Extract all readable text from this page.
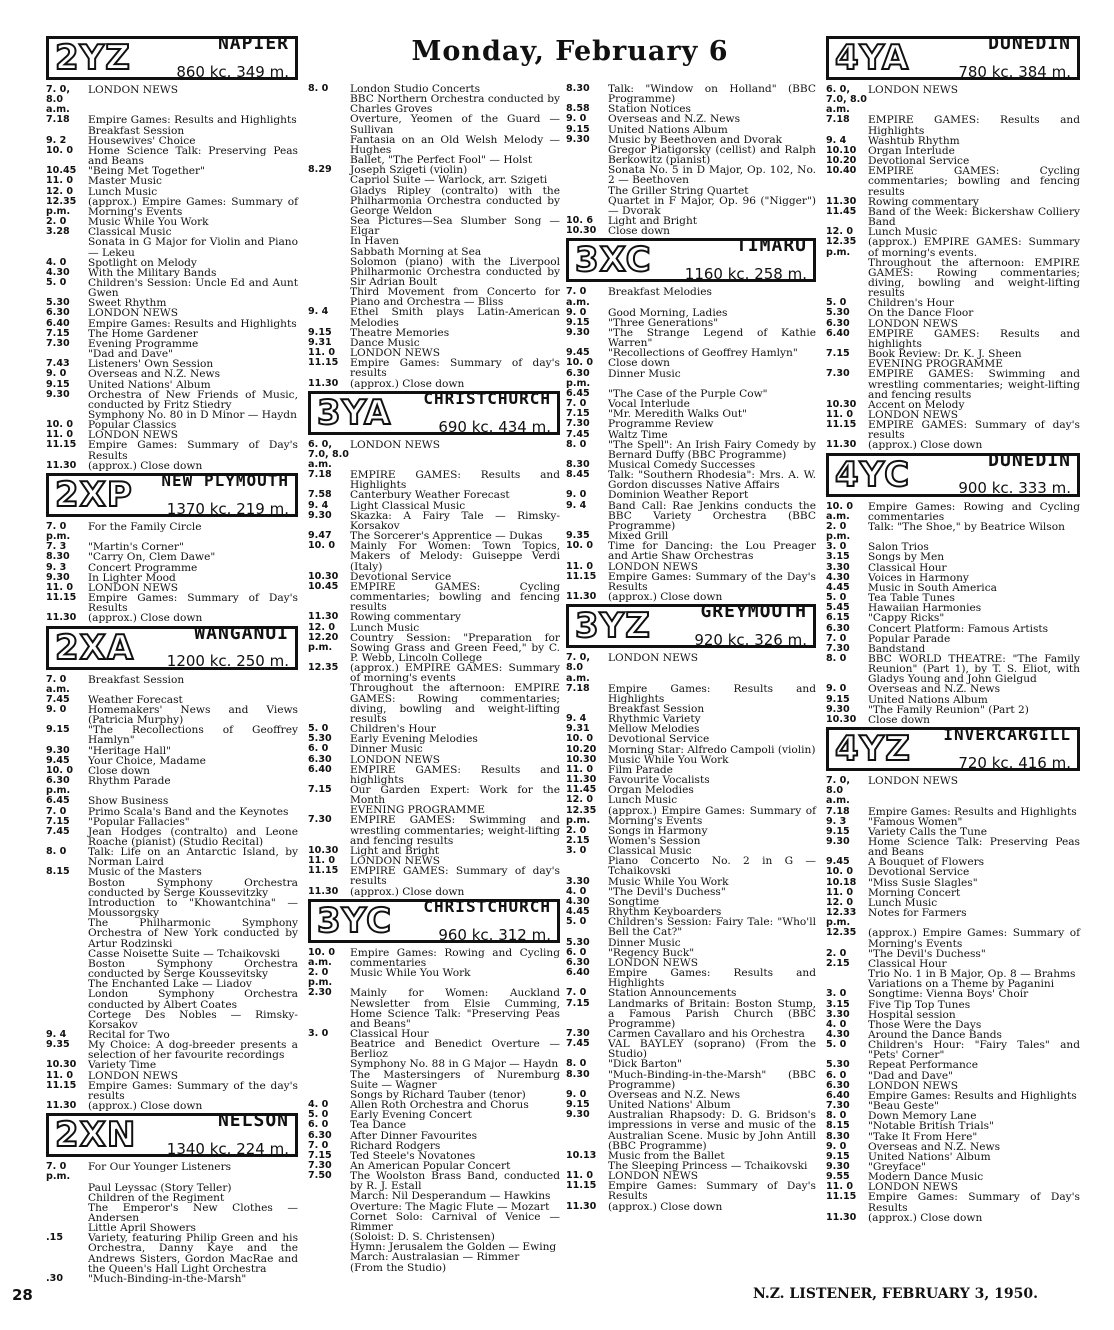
Monday, February 6
2YZ	NAPIER
860 kc. 349 m.
7. 0, 8.0 a.m.
LONDON NEWS
7.18	Empire Games: Results and Highlights
Breakfast Session
9. 2	Housewives' Choice
10. 0	Home Science Talk: Preserving Peas and Beans
10.45	"Being Met Together"
11. 0	Master Music
12. 0	Lunch Music
12.35 p.m.
(approx.) Empire Games: Summary of Morning's Events
2. 0	Music While You Work
3.28	Classical Music
Sonata in G Major for Violin and Piano — Lekeu
4. 0	Spotlight on Melody
4.30	With the Military Bands
5. 0	Children's Session: Uncle Ed and Aunt Gwen
5.30	Sweet Rhythm
6.30	LONDON NEWS
6.40	Empire Games: Results and Highlights
7.15	The Home Gardener
7.30	Evening Programme
"Dad and Dave"
7.43	Listeners' Own Session
9. 0	Overseas and N.Z. News
9.15	United Nations' Album
9.30	Orchestra of New Friends of Music, conducted by Fritz Stiedry
Symphony No. 80 in D Minor — Haydn
10. 0	Popular Classics
11. 0	LONDON NEWS
11.15	Empire Games: Summary of Day's Results
11.30	(approx.) Close down
2XP NEW PLYMOUTH
1370 kc. 219 m.
7. 0 p.m.
For the Family Circle
7. 3	"Martin's Corner"
8.30	"Carry On, Clem Dawe"
9. 3	Concert Programme
9.30	In Lighter Mood
11. 0	LONDON NEWS
11.15	Empire Games: Summary of Day's Results
11.30	(approx.) Close down
2XA	WANGANUI
1200 kc. 250 m.
7. 0 a.m.
Breakfast Session
7.45	Weather Forecast
9. 0	Homemakers' News and Views (Patricia Murphy)
9.15	"The Recollections of Geoffrey Hamlyn"
9.30	"Heritage Hall"
9.45	Your Choice, Madame
10. 0	Close down
6.30 p.m.
Rhythm Parade
6.45	Show Business
7. 0	Primo Scala's Band and the Keynotes
7.15	"Popular Fallacies"
7.45	Jean Hodges (contralto) and Leone Roache (pianist) (Studio Recital)
8. 0	Talk: Life on an Antarctic Island, by Norman Laird
8.15	Music of the Masters
Boston Symphony Orchestra conducted by Serge Koussevitzky
Introduction to "Khowantchina" — Moussorgsky
The Philharmonic Symphony Orchestra of New York conducted by Artur Rodzinski
Casse Noisette Suite — Tchaikovski
Boston Symphony Orchestra conducted by Serge Koussevitsky
The Enchanted Lake — Liadov
London Symphony Orchestra conducted by Albert Coates
Cortege Des Nobles — Rimsky-Korsakov
9. 4	Recital for Two
9.35	My Choice: A dog-breeder presents a selection of her favourite recordings
10.30	Variety Time
11. 0	LONDON NEWS
11.15	Empire Games: Summary of the day's results
11.30	(approx.) Close down
2XN	NELSON
1340 kc. 224 m.
7. 0 p.m.
For Our Younger Listeners
Paul Leyssac (Story Teller)
Children of the Regiment
The Emperor's New Clothes — Andersen
Little April Showers
.15	Variety, featuring Philip Green and his Orchestra, Danny Kaye and the Andrews Sisters, Gordon MacRae and the Queen's Hall Light Orchestra
.30	"Much-Binding-in-the-Marsh"
8. 0	London Studio Concerts
BBC Northern Orchestra conducted by Charles Groves
Overture, Yeomen of the Guard — Sullivan
Fantasia on an Old Welsh Melody — Hughes
Ballet, "The Perfect Fool" — Holst
8.29	Joseph Szigeti (violin)
Capriol Suite — Warlock, arr. Szigeti
Gladys Ripley (contralto) with the Philharmonia Orchestra conducted by George Weldon
Sea Pictures—Sea Slumber Song — Elgar
In Haven
Sabbath Morning at Sea
Solomon (piano) with the Liverpool Philharmonic Orchestra conducted by Sir Adrian Boult
Third Movement from Concerto for Piano and Orchestra — Bliss
9. 4	Ethel Smith plays Latin-American Melodies
9.15	Theatre Memories
9.31	Dance Music
11. 0	LONDON NEWS
11.15	Empire Games: Summary of day's results
11.30	(approx.) Close down
3YA CHRISTCHURCH
690 kc. 434 m.
6. 0, 7.0, 8.0 a.m.
LONDON NEWS
7.18	EMPIRE GAMES: Results and Highlights
7.58	Canterbury Weather Forecast
9. 4	Light Classical Music
9.30	Skazka: A Fairy Tale — Rimsky-Korsakov
9.47	The Sorcerer's Apprentice — Dukas
10. 0	Mainly For Women: Town Topics, Makers of Melody: Guiseppe Verdi (Italy)
10.30	Devotional Service
10.45	EMPIRE GAMES: Cycling commentaries; bowling and fencing results
11.30	Rowing commentary
12. 0	Lunch Music
12.20 p.m.
Country Session: "Preparation for Sowing Grass and Green Feed," by C. P. Webb, Lincoln College
12.35	(approx.) EMPIRE GAMES: Summary of morning's events
Throughout the afternoon: EMPIRE GAMES: Rowing commentaries; diving, bowling and weight-lifting results
5. 0	Children's Hour
5.30	Early Evening Melodies
6. 0	Dinner Music
6.30	LONDON NEWS
6.40	EMPIRE GAMES: Results and highlights
7.15	Our Garden Expert: Work for the Month
EVENING PROGRAMME
7.30	EMPIRE GAMES: Swimming and wrestling commentaries; weight-lifting and fencing results
10.30	Light and Bright
11. 0	LONDON NEWS
11.15	EMPIRE GAMES: Summary of day's results
11.30	(approx.) Close down
3YC CHRISTCHURCH
960 kc. 312 m.
10. 0 a.m.
Empire Games: Rowing and Cycling commentaries
2. 0 p.m.
Music While You Work
2.30	Mainly for Women: Auckland Newsletter from Elsie Cumming, Home Science Talk: "Preserving Peas and Beans"
3. 0	Classical Hour
Beatrice and Benedict Overture — Berlioz
Symphony No. 88 in G Major — Haydn
The Mastersingers of Nuremburg Suite — Wagner
Songs by Richard Tauber (tenor)
4. 0	Allen Roth Orchestra and Chorus
5. 0	Early Evening Concert
6. 0	Tea Dance
6.30	After Dinner Favourites
7. 0	Richard Rodgers
7.15	Ted Steele's Novatones
7.30	An American Popular Concert
7.50	The Woolston Brass Band, conducted by R. J. Estall
March: Nil Desperandum — Hawkins
Overture: The Magic Flute — Mozart
Cornet Solo: Carnival of Venice — Rimmer
(Soloist: D. S. Christensen)
Hymn: Jerusalem the Golden — Ewing
March: Australasian — Rimmer
(From the Studio)
8.30	Talk: "Window on Holland" (BBC Programme)
8.58	Station Notices
9. 0	Overseas and N.Z. News
9.15	United Nations Album
9.30	Music by Beethoven and Dvorak
Gregor Piatigorsky (cellist) and Ralph Berkowitz (pianist)
Sonata No. 5 in D Major, Op. 102, No. 2 — Beethoven
The Griller String Quartet
Quartet in F Major, Op. 96 ("Nigger") — Dvorak
10. 6	Light and Bright
10.30	Close down
3XC	TIMARU
1160 kc. 258 m.
7. 0 a.m.
Breakfast Melodies
9. 0	Good Morning, Ladies
9.15	"Three Generations"
9.30	"The Strange Legend of Kathie Warren"
9.45	"Recollections of Geoffrey Hamlyn"
10. 0	Close down
6.30 p.m.
Dinner Music
6.45	"The Case of the Purple Cow"
7. 0	Vocal Interlude
7.15	"Mr. Meredith Walks Out"
7.30	Programme Review
7.45	Waltz Time
8. 0	"The Spell": An Irish Fairy Comedy by Bernard Duffy (BBC Programme)
8.30	Musical Comedy Successes
8.45	Talk: "Southern Rhodesia": Mrs. A. W. Gordon discusses Native Affairs
9. 0	Dominion Weather Report
9. 4	Band Call: Rae Jenkins conducts the BBC Variety Orchestra (BBC Programme)
9.35	Mixed Grill
10. 0	Time for Dancing: the Lou Preager and Artie Shaw Orchestras
11. 0	LONDON NEWS
11.15	Empire Games: Summary of the Day's Results
11.30	(approx.) Close down
3YZ	GREYMOUTH
920 kc. 326 m.
7. 0, 8.0 a.m.
LONDON NEWS
7.18	Empire Games: Results and Highlights
Breakfast Session
9. 4	Rhythmic Variety
9.31	Mellow Melodies
10. 0	Devotional Service
10.20	Morning Star: Alfredo Campoli (violin)
10.30	Music While You Work
11. 0	Film Parade
11.30	Favourite Vocalists
11.45	Organ Melodies
12. 0	Lunch Music
12.35 p.m.
(approx.) Empire Games: Summary of Morning's Events
2. 0	Songs in Harmony
2.15	Women's Session
3. 0	Classical Music
Piano Concerto No. 2 in G — Tchaikovski
3.30	Music While You Work
4. 0	"The Devil's Duchess"
4.30	Songtime
4.45	Rhythm Keyboarders
5. 0	Children's Session: Fairy Tale: "Who'll Bell the Cat?"
5.30	Dinner Music
6. 0	"Regency Buck"
6.30	LONDON NEWS
6.40	Empire Games: Results and Highlights
7. 0	Station Announcements
7.15	Landmarks of Britain: Boston Stump, a Famous Parish Church (BBC Programme)
7.30	Carmen Cavallaro and his Orchestra
7.45	VAL BAYLEY (soprano) (From the Studio)
8. 0	"Dick Barton"
8.30	"Much-Binding-in-the-Marsh" (BBC Programme)
9. 0	Overseas and N.Z. News
9.15	United Nations' Album
9.30	Australian Rhapsody: D. G. Bridson's impressions in verse and music of the Australian Scene. Music by John Antill (BBC Programme)
10.13	Music from the Ballet
The Sleeping Princess — Tchaikovski
11. 0	LONDON NEWS
11.15	Empire Games: Summary of Day's Results
11.30	(approx.) Close down
4YA	DUNEDIN
780 kc. 384 m.
6. 0, 7.0, 8.0 a.m.
LONDON NEWS
7.18	EMPIRE GAMES: Results and Highlights
9. 4	Washtub Rhythm
10.10	Organ Interlude
10.20	Devotional Service
10.40	EMPIRE GAMES: Cycling commentaries; bowling and fencing results
11.30	Rowing commentary
11.45	Band of the Week: Bickershaw Colliery Band
12. 0	Lunch Music
12.35 p.m.
(approx.) EMPIRE GAMES: Summary of morning's events.
Throughout the afternoon: EMPIRE GAMES: Rowing commentaries; diving, bowling and weight-lifting results
5. 0	Children's Hour
5.30	On the Dance Floor
6.30	LONDON NEWS
6.40	EMPIRE GAMES: Results and highlights
7.15	Book Review: Dr. K. J. Sheen
EVENING PROGRAMME
7.30	EMPIRE GAMES: Swimming and wrestling commentaries; weight-lifting and fencing results
10.30	Accent on Melody
11. 0	LONDON NEWS
11.15	EMPIRE GAMES: Summary of day's results
11.30	(approx.) Close down
4YC	DUNEDIN
900 kc. 333 m.
10. 0 a.m.
Empire Games: Rowing and Cycling commentaries
2. 0 p.m.
Talk: "The Shoe," by Beatrice Wilson
3. 0	Salon Trios
3.15	Songs by Men
3.30	Classical Hour
4.30	Voices in Harmony
4.45	Music in South America
5. 0	Tea Table Tunes
5.45	Hawaiian Harmonies
6.15	"Cappy Ricks"
6.30	Concert Platform: Famous Artists
7. 0	Popular Parade
7.30	Bandstand
8. 0	BBC WORLD THEATRE: "The Family Reunion" (Part 1), by T. S. Eliot, with Gladys Young and John Gielgud
9. 0	Overseas and N.Z. News
9.15	United Nations Album
9.30	"The Family Reunion" (Part 2)
10.30	Close down
4YZ INVERCARGILL
720 kc. 416 m.
7. 0, 8.0 a.m.
LONDON NEWS
7.18	Empire Games: Results and Highlights
9. 3	"Famous Women"
9.15	Variety Calls the Tune
9.30	Home Science Talk: Preserving Peas and Beans
9.45	A Bouquet of Flowers
10. 0	Devotional Service
10.18	"Miss Susie Slagles"
11. 0	Morning Concert
12. 0	Lunch Music
12.33 p.m.
Notes for Farmers
12.35	(approx.) Empire Games: Summary of Morning's Events
2. 0	"The Devil's Duchess"
2.15	Classical Hour
Trio No. 1 in B Major, Op. 8 — Brahms
Variations on a Theme by Paganini
3. 0	Songtime: Vienna Boys' Choir
3.15	Five Tip Top Tunes
3.30	Hospital session
4. 0	Those Were the Days
4.30	Around the Dance Bands
5. 0	Children's Hour: "Fairy Tales" and "Pets' Corner"
5.30	Repeat Performance
6. 0	"Dad and Dave"
6.30	LONDON NEWS
6.40	Empire Games: Results and Highlights
7.30	"Beau Geste"
8. 0	Down Memory Lane
8.15	"Notable British Trials"
8.30	"Take It From Here"
9. 0	Overseas and N.Z. News
9.15	United Nations' Album
9.30	"Greyface"
9.55	Modern Dance Music
11. 0	LONDON NEWS
11.15	Empire Games: Summary of Day's Results
11.30	(approx.) Close down
28	N.Z. LISTENER, FEBRUARY 3, 1950.
